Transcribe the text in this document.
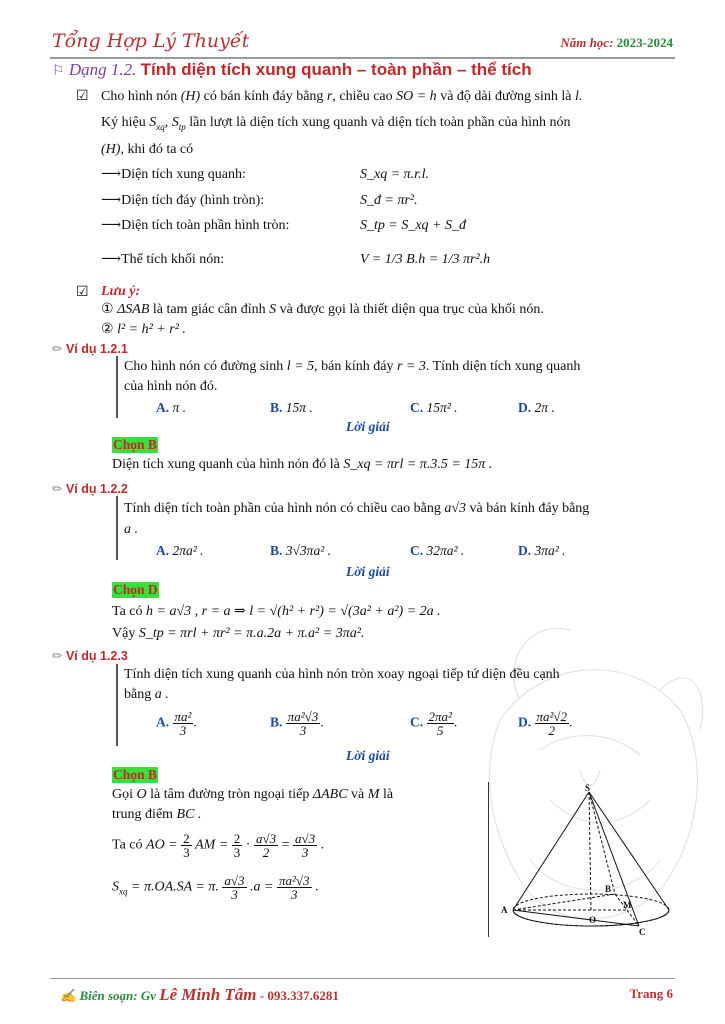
Tổng Hợp Lý Thuyết	Năm học: 2023-2024
⚐ Dạng 1.2. Tính diện tích xung quanh – toàn phần – thể tích
☑ Cho hình nón (H) có bán kính đáy bằng r, chiều cao SO = h và độ dài đường sinh là l.
Ký hiệu $S_{xq}$, $S_{tp}$ lần lượt là diện tích xung quanh và diện tích toàn phần của hình nón
(H), khi đó ta có
⟶Diện tích xung quanh:	S_xq = π.r.l.
⟶Diện tích đáy (hình tròn):	S_đ = πr².
⟶Diện tích toàn phần hình tròn:	S_tp = S_xq + S_đ
⟶Thể tích khối nón:	V = 1/3 B.h = 1/3 πr².h
☑ Lưu ý:
① ΔSAB là tam giác cân đỉnh S và được gọi là thiết diện qua trục của khối nón.
② l² = h² + r² .
✏ Ví dụ 1.2.1
Cho hình nón có đường sinh l = 5, bán kính đáy r = 3. Tính diện tích xung quanh
của hình nón đó.
A. π .	B. 15π .	C. 15π² .	D. 2π .
Lời giải
Chọn B
Diện tích xung quanh của hình nón đó là S_xq = πrl = π.3.5 = 15π .
✏ Ví dụ 1.2.2
Tính diện tích toàn phần của hình nón có chiều cao bằng a√3 và bán kính đáy bằng
a .
A. 2πa² .	B. 3√3πa² .	C. 32πa² .	D. 3πa² .
Lời giải
Chọn D
Ta có h = a√3 , r = a ⇒ l = √(h² + r²) = √(3a² + a²) = 2a .
Vậy S_tp = πrl + πr² = π.a.2a + π.a² = 3πa².
✏ Ví dụ 1.2.3
Tính diện tích xung quanh của hình nón tròn xoay ngoại tiếp tứ diện đều cạnh
bằng a .
A. $\frac{\text{πa²}}{3}$ .	B. $\frac{\text{πa²√3}}{3}$ .	C. $\frac{\text{2πa²}}{5}$ .	D. $\frac{\text{πa²√2}}{2}$ .
Lời giải
Chọn B
Gọi O là tâm đường tròn ngoại tiếp ΔABC và M là
trung điểm BC .
Ta có AO = $\frac{2}{3}$ AM = $\frac{2}{3} \cdot \frac{a√3}{2} = \frac{a√3}{3}$ .
$S_{xq} = \pi.OA.SA = \pi$. $\frac{a√3}{3} .a = \frac{\text{πa²√3}}{3}$ .
S
A
B
C
O
M
✍ Biên soạn: Gv Lê Minh Tâm - 093.337.6281	Trang 6
